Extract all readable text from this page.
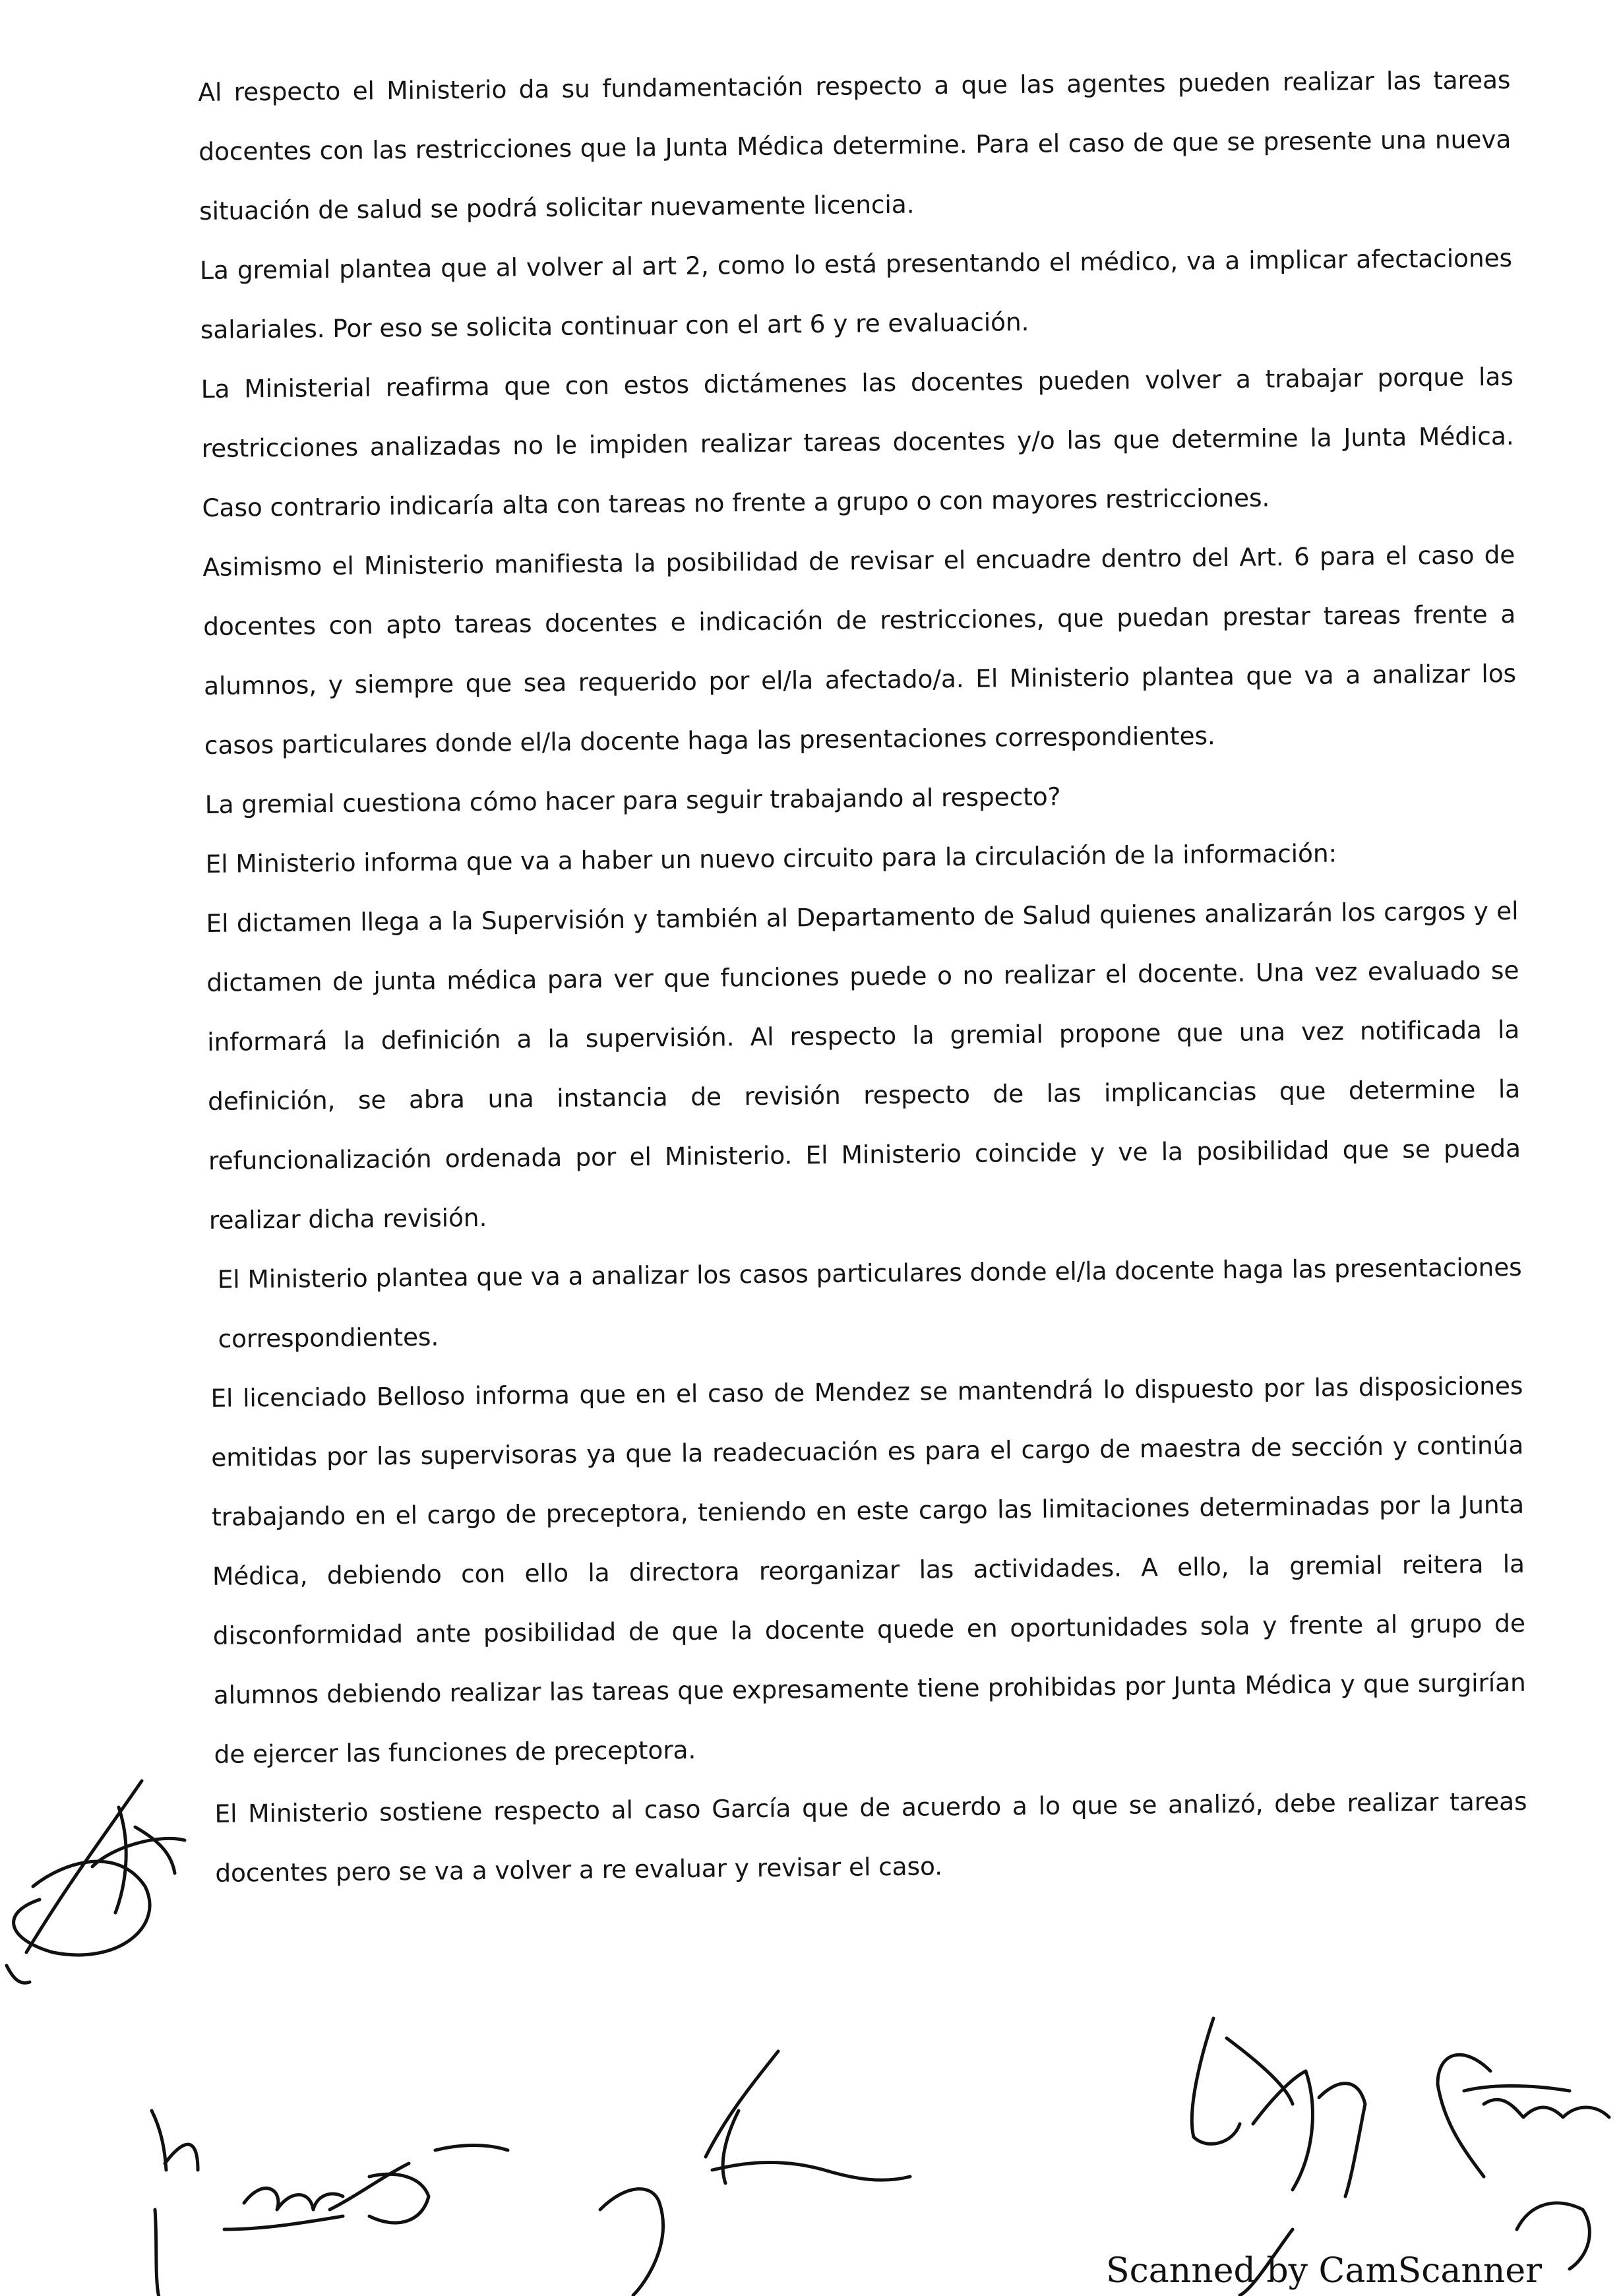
Al respecto el Ministerio da su fundamentación respecto a que las agentes pueden realizar las tareas docentes con las restricciones que la Junta Médica determine. Para el caso de que se presente una nueva situación de salud se podrá solicitar nuevamente licencia.

La gremial plantea que al volver al art 2, como lo está presentando el médico, va a implicar afectaciones salariales. Por eso se solicita continuar con el art 6 y re evaluación.

La Ministerial reafirma que con estos dictámenes las docentes pueden volver a trabajar porque las restricciones analizadas no le impiden realizar tareas docentes y/o las que determine la Junta Médica. Caso contrario indicaría alta con tareas no frente a grupo o con mayores restricciones.

Asimismo el Ministerio manifiesta la posibilidad de revisar el encuadre dentro del Art. 6 para el caso de docentes con apto tareas docentes e indicación de restricciones, que puedan prestar tareas frente a alumnos, y siempre que sea requerido por el/la afectado/a. El Ministerio plantea que va a analizar los casos particulares donde el/la docente haga las presentaciones correspondientes.

La gremial cuestiona cómo hacer para seguir trabajando al respecto?

El Ministerio informa que va a haber un nuevo circuito para la circulación de la información:

El dictamen llega a la Supervisión y también al Departamento de Salud quienes analizarán los cargos y el dictamen de junta médica para ver que funciones puede o no realizar el docente. Una vez evaluado se informará la definición a la supervisión. Al respecto la gremial propone que una vez notificada la definición, se abra una instancia de revisión respecto de las implicancias que determine la refuncionalización ordenada por el Ministerio. El Ministerio coincide y ve la posibilidad que se pueda realizar dicha revisión.

El Ministerio plantea que va a analizar los casos particulares donde el/la docente haga las presentaciones correspondientes.

El licenciado Belloso informa que en el caso de Mendez se mantendrá lo dispuesto por las disposiciones emitidas por las supervisoras ya que la readecuación es para el cargo de maestra de sección y continúa trabajando en el cargo de preceptora, teniendo en este cargo las limitaciones determinadas por la Junta Médica, debiendo con ello la directora reorganizar las actividades. A ello, la gremial reitera la disconformidad ante posibilidad de que la docente quede en oportunidades sola y frente al grupo de alumnos debiendo realizar las tareas que expresamente tiene prohibidas por Junta Médica y que surgirían de ejercer las funciones de preceptora.

El Ministerio sostiene respecto al caso García que de acuerdo a lo que se analizó, debe realizar tareas docentes pero se va a volver a re evaluar y revisar el caso.

Scanned by CamScanner
